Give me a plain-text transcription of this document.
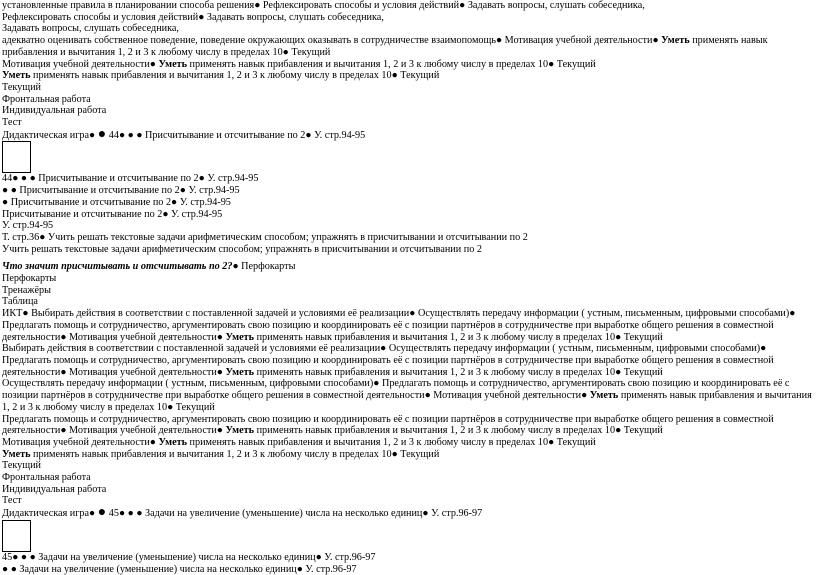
установленные правила в планировании способа решения● Рефлексировать способы и условия действий● Задавать вопросы, слушать собеседника,

Рефлексировать способы и условия действий● Задавать вопросы, слушать собеседника,

Задавать вопросы, слушать собеседника,

адекватно оценивать собственное поведение, поведение окружающих оказывать в сотрудничестве взаимопомощь● Мотивация учебной деятельности● Уметь применять навык прибавления и вычитания 1, 2 и 3 к любому числу в пределах 10● Текущий

Мотивация учебной деятельности● Уметь применять навык прибавления и вычитания 1, 2 и 3 к любому числу в пределах 10● Текущий

Уметь применять навык прибавления и вычитания 1, 2 и 3 к любому числу в пределах 10● Текущий

Текущий

Фронтальная работа

Индивидуальная работа

Тест

Дидактическая игра● ● 44● ● ● Присчитывание и отсчитывание по 2● У. стр.94-95

44● ● ● Присчитывание и отсчитывание по 2● У. стр.94-95

● ● Присчитывание и отсчитывание по 2● У. стр.94-95

● Присчитывание и отсчитывание по 2● У. стр.94-95

Присчитывание и отсчитывание по 2● У. стр.94-95

У. стр.94-95

Т. стр.36● Учить решать текстовые задачи арифметическим способом; упражнять в присчитывании и отсчитывании по 2

Учить решать текстовые задачи арифметическим способом; упражнять в присчитывании и отсчитывании по 2

Что значит присчитывать и отсчитывать по 2?● Перфокарты

Перфокарты

Тренажёры

Таблица

ИКТ● Выбирать действия в соответствии с поставленной задачей и условиями её реализации● Осуществлять передачу информации ( устным, письменным, цифровыми способами)● Предлагать помощь и сотрудничество, аргументировать свою позицию и координировать её с позиции партнёров в сотрудничестве при выработке общего решения в совместной деятельности● Мотивация учебной деятельности● Уметь применять навык прибавления и вычитания 1, 2 и 3 к любому числу в пределах 10● Текущий

Выбирать действия в соответствии с поставленной задачей и условиями её реализации● Осуществлять передачу информации ( устным, письменным, цифровыми способами)● Предлагать помощь и сотрудничество, аргументировать свою позицию и координировать её с позиции партнёров в сотрудничестве при выработке общего решения в совместной деятельности● Мотивация учебной деятельности● Уметь применять навык прибавления и вычитания 1, 2 и 3 к любому числу в пределах 10● Текущий

Осуществлять передачу информации ( устным, письменным, цифровыми способами)● Предлагать помощь и сотрудничество, аргументировать свою позицию и координировать её с позиции партнёров в сотрудничестве при выработке общего решения в совместной деятельности● Мотивация учебной деятельности● Уметь применять навык прибавления и вычитания 1, 2 и 3 к любому числу в пределах 10● Текущий

Предлагать помощь и сотрудничество, аргументировать свою позицию и координировать её с позиции партнёров в сотрудничестве при выработке общего решения в совместной деятельности● Мотивация учебной деятельности● Уметь применять навык прибавления и вычитания 1, 2 и 3 к любому числу в пределах 10● Текущий

Мотивация учебной деятельности● Уметь применять навык прибавления и вычитания 1, 2 и 3 к любому числу в пределах 10● Текущий

Уметь применять навык прибавления и вычитания 1, 2 и 3 к любому числу в пределах 10● Текущий

Текущий

Фронтальная работа

Индивидуальная работа

Тест

Дидактическая игра● ● 45● ● ● Задачи на увеличение (уменьшение) числа на несколько единиц● У. стр.96-97

45● ● ● Задачи на увеличение (уменьшение) числа на несколько единиц● У. стр.96-97

● ● Задачи на увеличение (уменьшение) числа на несколько единиц● У. стр.96-97
